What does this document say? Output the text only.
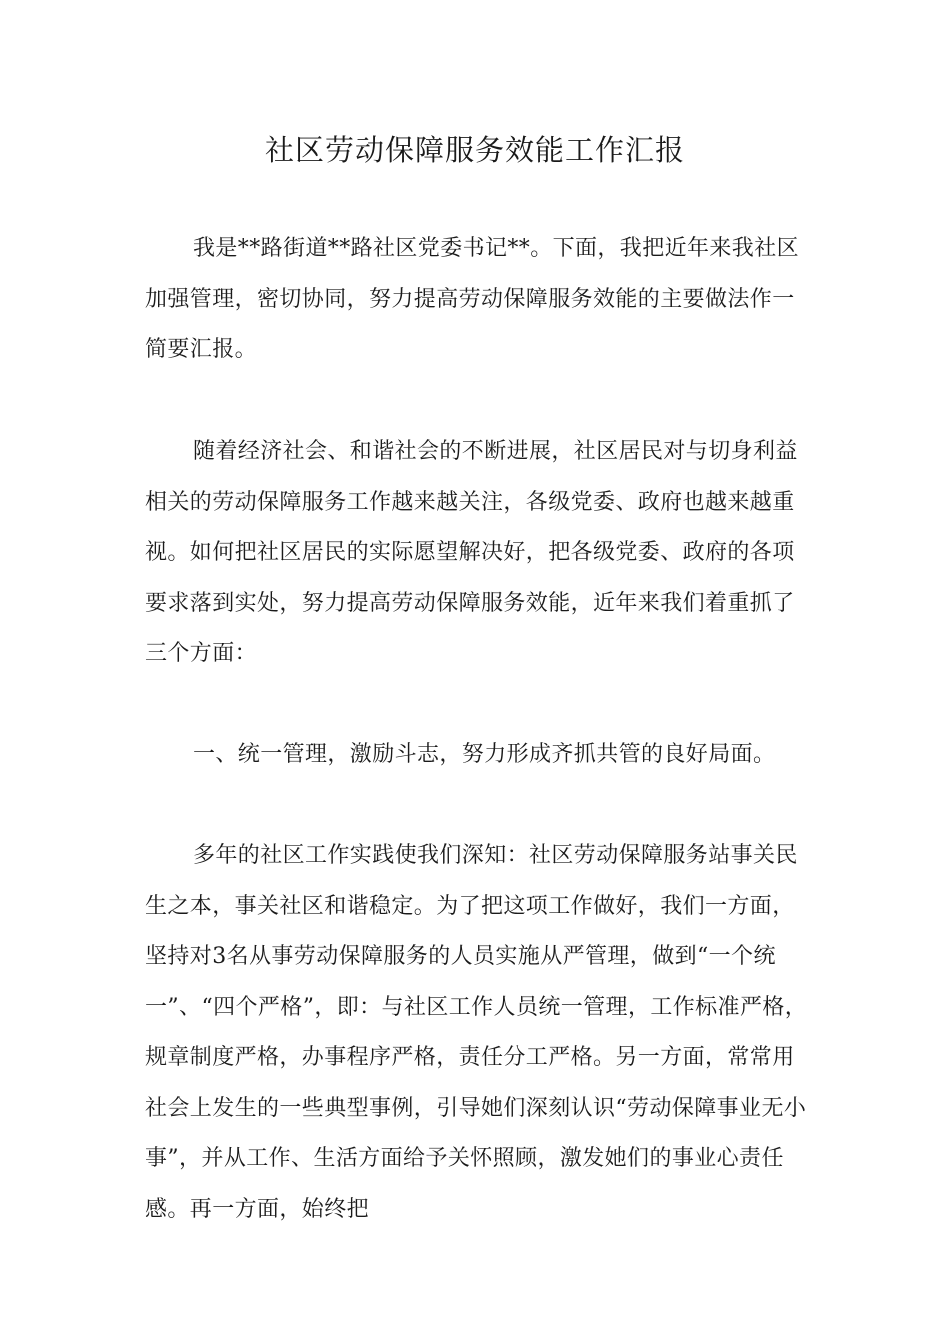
社区劳动保障服务效能工作汇报

我是**路街道**路社区党委书记**。下面，我把近年来我社区加强管理，密切协同，努力提高劳动保障服务效能的主要做法作一简要汇报。

随着经济社会、和谐社会的不断进展，社区居民对与切身利益相关的劳动保障服务工作越来越关注，各级党委、政府也越来越重视。如何把社区居民的实际愿望解决好，把各级党委、政府的各项要求落到实处，努力提高劳动保障服务效能，近年来我们着重抓了三个方面：

一、统一管理，激励斗志，努力形成齐抓共管的良好局面。

多年的社区工作实践使我们深知：社区劳动保障服务站事关民生之本，事关社区和谐稳定。为了把这项工作做好，我们一方面，坚持对3名从事劳动保障服务的人员实施从严管理，做到“一个统一”、“四个严格”，即：与社区工作人员统一管理，工作标准严格，规章制度严格，办事程序严格，责任分工严格。另一方面，常常用社会上发生的一些典型事例，引导她们深刻认识“劳动保障事业无小事”，并从工作、生活方面给予关怀照顾，激发她们的事业心责任感。再一方面，始终把
